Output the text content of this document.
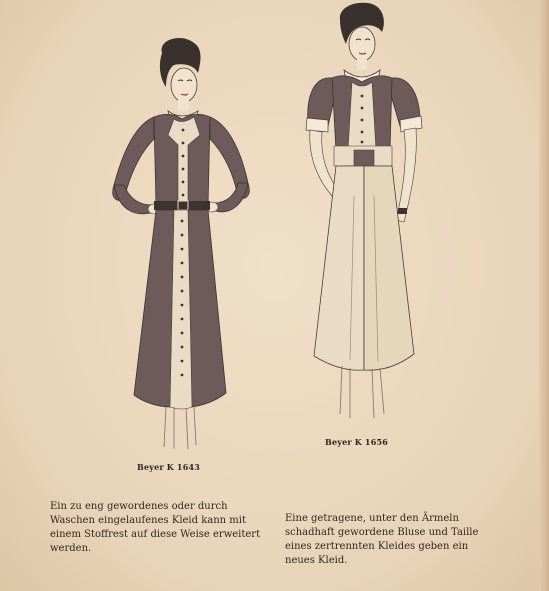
Beyer K 1643
Beyer K 1656
Ein zu eng gewordenes oder durch Waschen eingelaufenes Kleid kann mit einem Stoffrest auf diese Weise erweitert werden.
Eine getragene, unter den Ärmeln schadhaft gewordene Bluse und Taille eines zertrennten Kleides geben ein neues Kleid.
